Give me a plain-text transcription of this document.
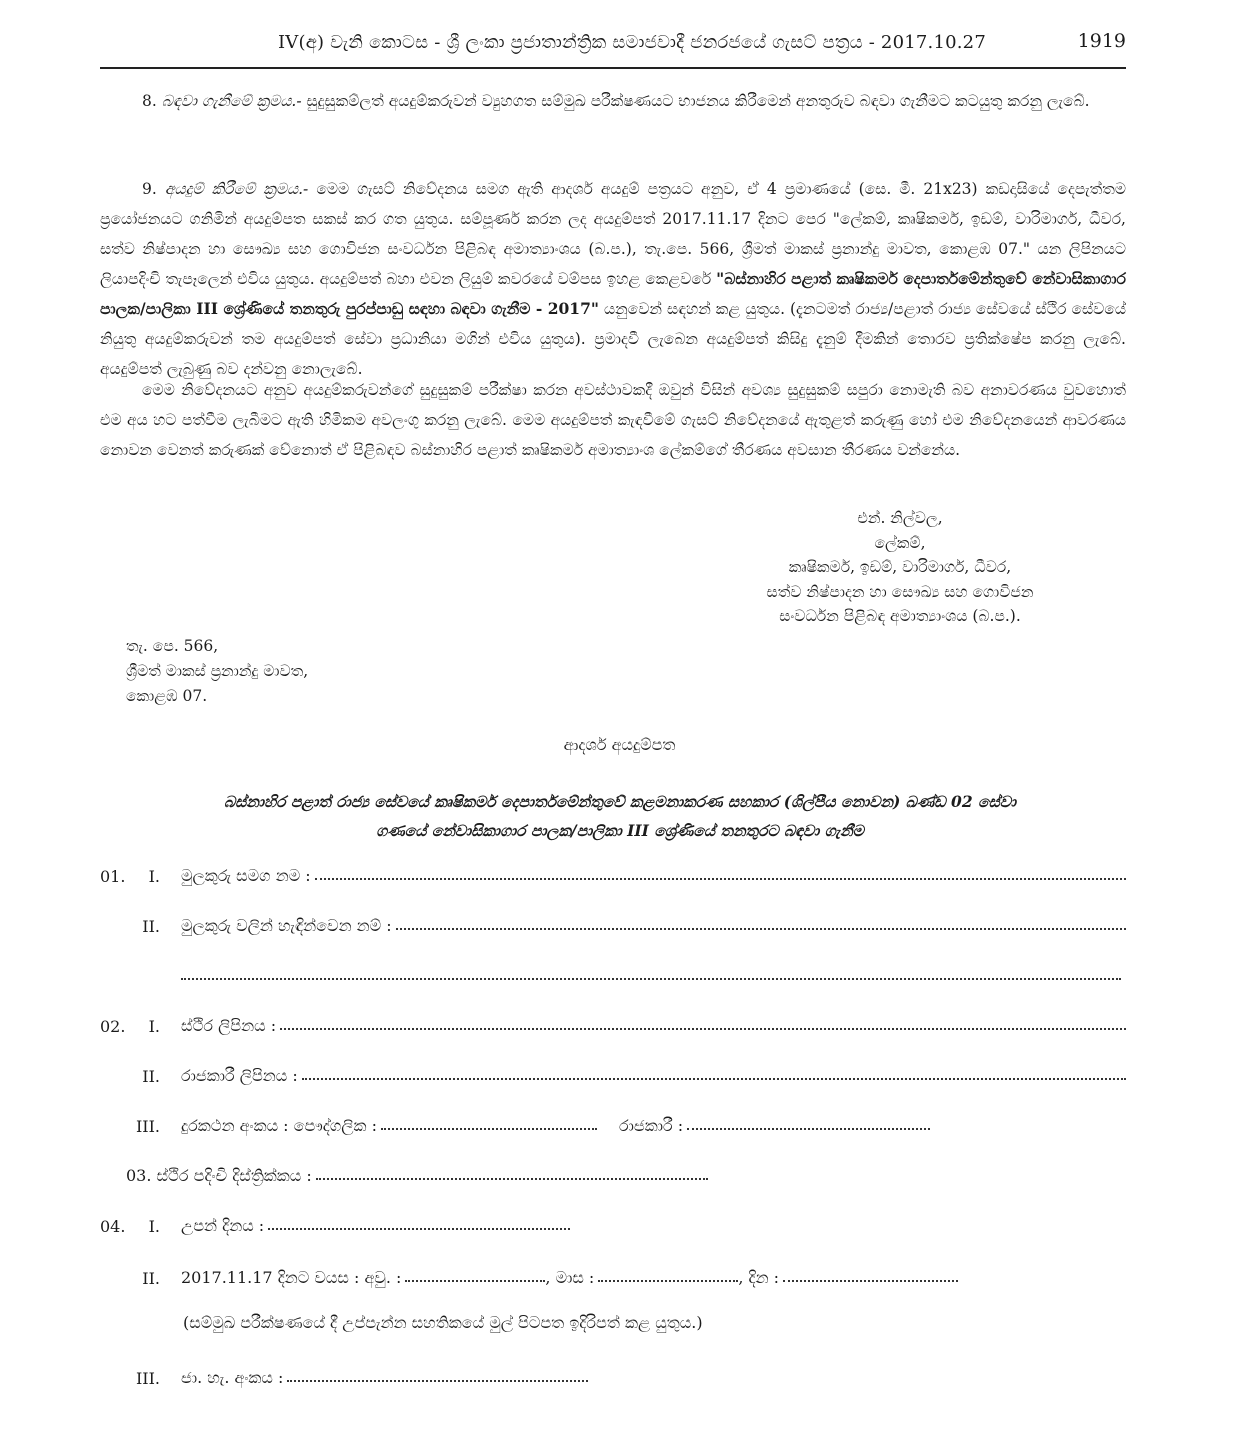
IV(අ) වැනි කොටස - ශ්‍රී ලංකා ප්‍රජාතාන්ත්‍රික සමාජවාදී ජනරජයේ ගැසට් පත්‍රය - 2017.10.27	1919
8. බඳවා ගැනීමේ ක්‍රමය.- සුදුසුකම්ලත් අයදුම්කරුවන් ව්‍යුහගත සම්මුඛ පරීක්ෂණයට භාජනය කිරීමෙන් අනතුරුව බඳවා ගැනීමට කටයුතු කරනු ලැබේ.
9. අයදුම් කිරීමේ ක්‍රමය.- මෙම ගැසට් නිවේදනය සමග ඇති ආදර්ශ අයදුම් පත්‍රයට අනුව, ඒ 4 ප්‍රමාණයේ (සෙ. මී. 21x23) කඩදාසියේ දෙපැත්තම ප්‍රයෝජනයට ගනිමින් අයදුම්පත සකස් කර ගත යුතුය. සම්පූර්ණ කරන ලද අයදුම්පත් 2017.11.17 දිනට පෙර "ලේකම්, කෘෂිකර්ම, ඉඩම්, වාරිමාර්ග, ධීවර, සත්ව නිෂ්පාදන හා සෞඛ්‍ය සහ ගොවිජන සංවර්ධන පිළිබඳ අමාත්‍යාංශය (බ.ප.), තැ.පෙ. 566, ශ්‍රීමත් මාකස් ප්‍රනාන්දු මාවත, කොළඹ 07." යන ලිපිනයට ලියාපදිංචි තැපෑලෙන් එවිය යුතුය. අයදුම්පත් බහා එවන ලියුම් කවරයේ වම්පස ඉහළ කෙළවරේ "බස්නාහිර පළාත් කෘෂිකර්ම දෙපාර්තමේන්තුවේ නේවාසිකාගාර පාලක/පාලිකා III ශ්‍රේණියේ තනතුරු පුරප්පාඩු සඳහා බඳවා ගැනීම - 2017" යනුවෙන් සඳහන් කළ යුතුය. (දැනටමත් රාජ්‍ය/පළාත් රාජ්‍ය සේවයේ ස්ථිර සේවයේ නියුතු අයදුම්කරුවන් තම අයදුම්පත් සේවා ප්‍රධානියා මගින් එවිය යුතුය). ප්‍රමාදවී ලැබෙන අයදුම්පත් කිසිදු දැනුම් දීමකින් තොරව ප්‍රතික්ෂේප කරනු ලැබේ. අයදුම්පත් ලැබුණු බව දන්වනු නොලැබේ.
මෙම නිවේදනයට අනුව අයදුම්කරුවන්ගේ සුදුසුකම් පරීක්ෂා කරන අවස්ථාවකදී ඔවුන් විසින් අවශ්‍ය සුදුසුකම් සපුරා නොමැති බව අනාවරණය වුවහොත් එම අය හට පත්වීම ලැබීමට ඇති හිමිකම අවලංගු කරනු ලැබේ. මෙම අයදුම්පත් කැඳවීමේ ගැසට් නිවේදනයේ ඇතුළත් කරුණු හෝ එම නිවේදනයෙන් ආවරණය නොවන වෙනත් කරුණක් වේනොත් ඒ පිළිබඳව බස්නාහිර පළාත් කෘෂිකර්ම අමාත්‍යාංශ ලේකම්ගේ තීරණය අවසාන තීරණය වන්නේය.
එන්. නිල්වල,
ලේකම්,
කෘෂිකර්ම, ඉඩම්, වාරිමාර්ග, ධීවර,
සත්ව නිෂ්පාදන හා සෞඛ්‍ය සහ ගොවිජන
සංවර්ධන පිළිබඳ අමාත්‍යාංශය (බ.ප.).
තැ. පෙ. 566,
ශ්‍රීමත් මාකස් ප්‍රනාන්දු මාවත,
කොළඹ 07.
ආදර්ශ අයදුම්පත
බස්නාහිර පළාත් රාජ්‍ය සේවයේ කෘෂිකර්ම දෙපාර්තමේන්තුවේ කළමනාකරණ සහකාර (ශිල්පීය නොවන) ඛණ්ඩ 02 සේවා
ගණයේ නේවාසිකාගාර පාලක/පාලිකා III ශ්‍රේණියේ තනතුරට බඳවා ගැනීම
01.	I. මුලකුරු සමග නම :
II. මුලකුරු වලින් හැඳින්වෙන නම් :
02.	I. ස්ථිර ලිපිනය :
II. රාජකාරී ලිපිනය :
III. දුරකථන අංකය : පෞද්ගලික :	රාජකාරී :
03. ස්ථිර පදිංචි දිස්ත්‍රික්කය :
04.	I. උපන් දිනය :
II. 2017.11.17 දිනට වයස : අවු. :	, මාස :	, දින :
(සම්මුඛ පරීක්ෂණයේ දී උප්පැන්න සහතිකයේ මුල් පිටපත ඉදිරිපත් කළ යුතුය.)
III. ජා. හැ. අංකය :
